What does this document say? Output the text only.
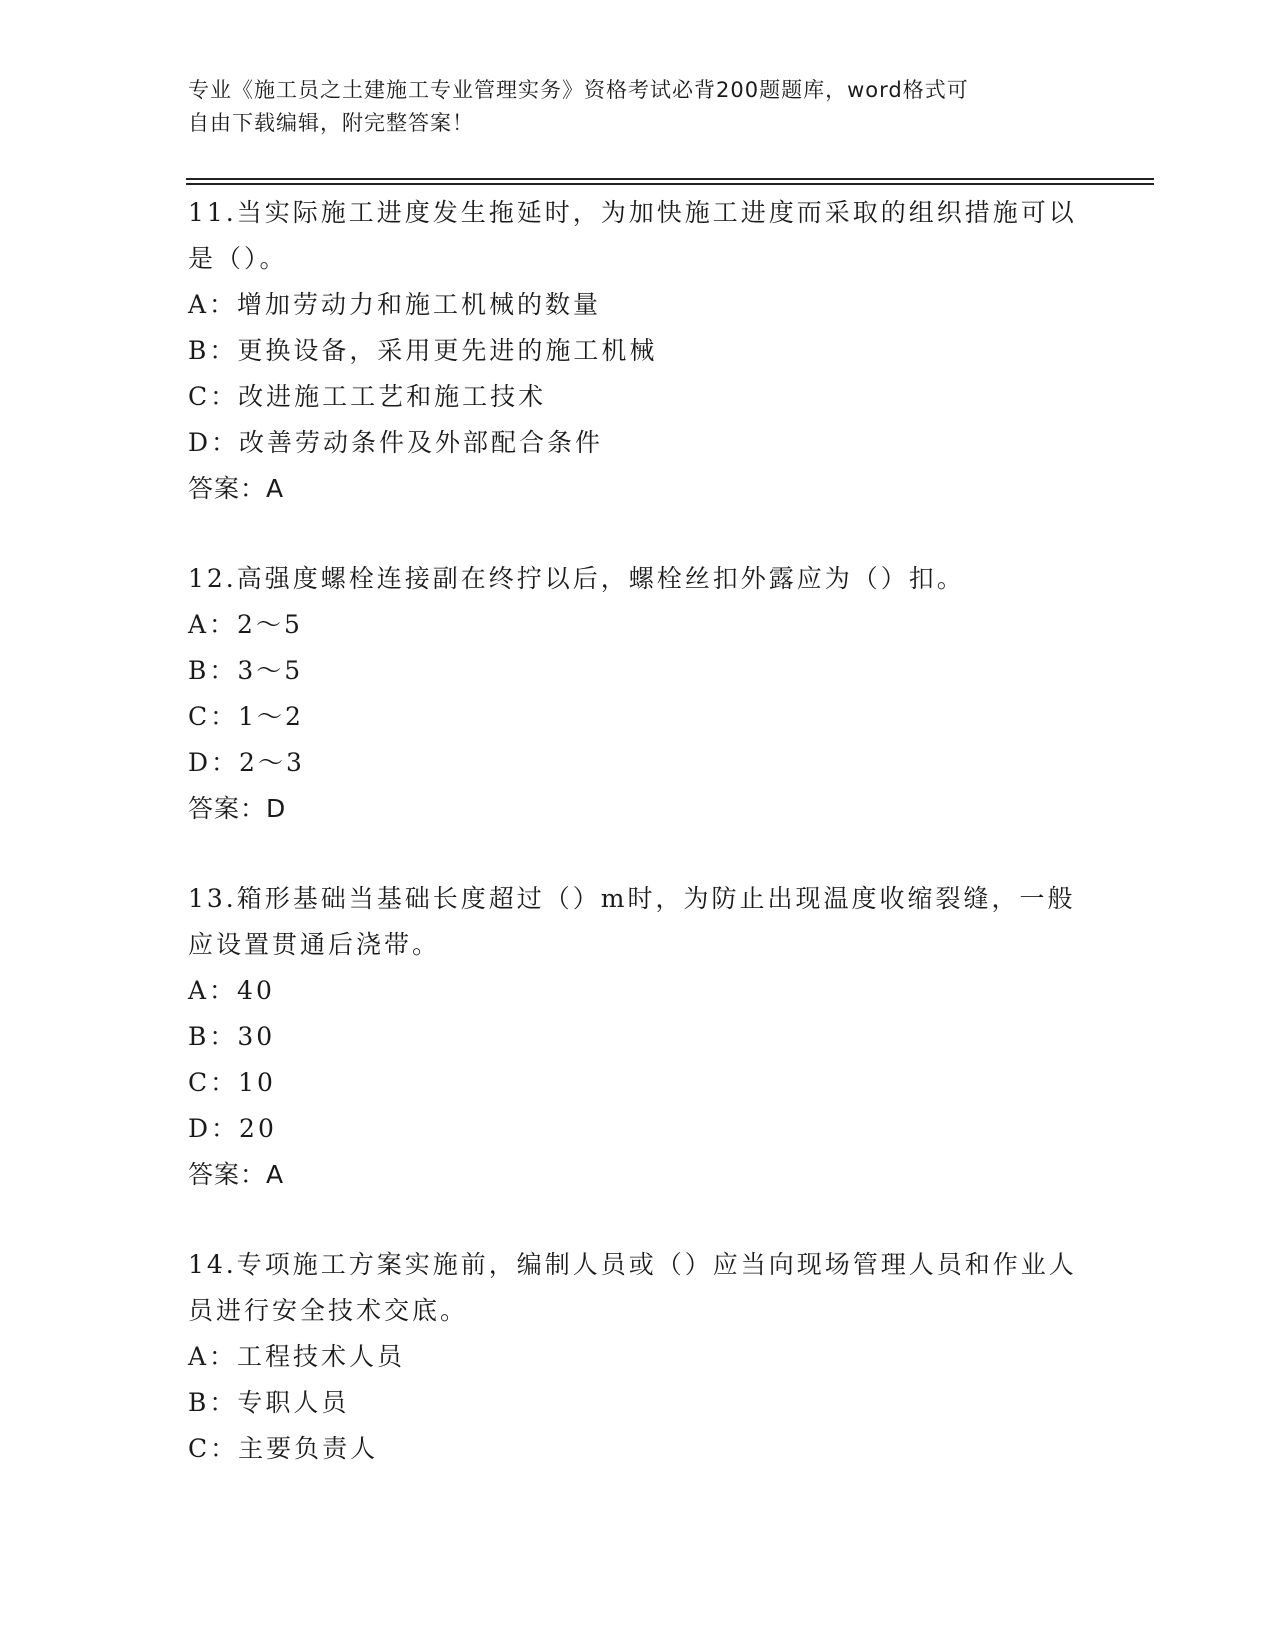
专业《施工员之土建施工专业管理实务》资格考试必背200题题库，word格式可
自由下载编辑，附完整答案！

11.当实际施工进度发生拖延时，为加快施工进度而采取的组织措施可以是（）。

A：增加劳动力和施工机械的数量
B：更换设备，采用更先进的施工机械
C：改进施工工艺和施工技术
D：改善劳动条件及外部配合条件
答案：A

12.高强度螺栓连接副在终拧以后，螺栓丝扣外露应为（）扣。

A：2～5
B：3～5
C：1～2
D：2～3
答案：D

13.箱形基础当基础长度超过（）m时，为防止出现温度收缩裂缝，一般应设置贯通后浇带。

A：40
B：30
C：10
D：20
答案：A

14.专项施工方案实施前，编制人员或（）应当向现场管理人员和作业人员进行安全技术交底。

A：工程技术人员
B：专职人员
C：主要负责人
